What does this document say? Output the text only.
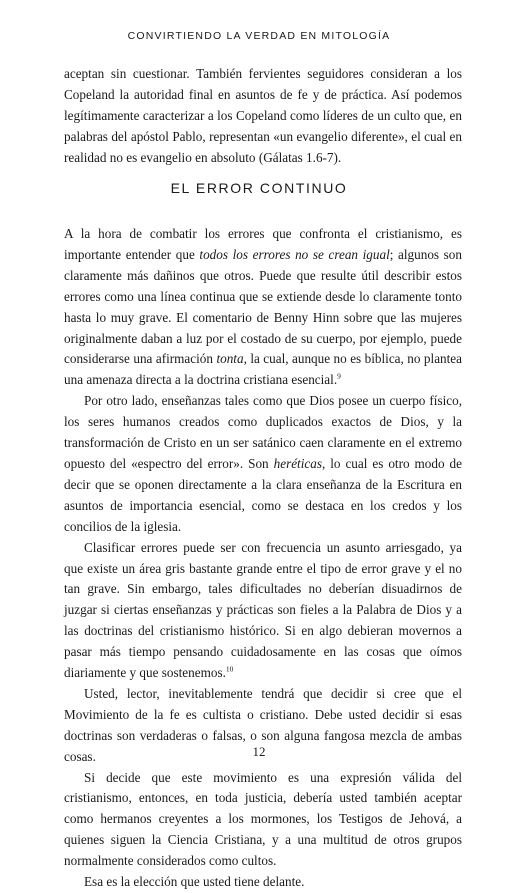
CONVIRTIENDO LA VERDAD EN MITOLOGÍA

aceptan sin cuestionar. También fervientes seguidores consideran a los Copeland la autoridad final en asuntos de fe y de práctica. Así podemos legítimamente caracterizar a los Copeland como líderes de un culto que, en palabras del apóstol Pablo, representan «un evangelio diferente», el cual en realidad no es evangelio en absoluto (Gálatas 1.6-7).

EL ERROR CONTINUO

A la hora de combatir los errores que confronta el cristianismo, es importante entender que todos los errores no se crean igual; algunos son claramente más dañinos que otros. Puede que resulte útil describir estos errores como una línea continua que se extiende desde lo claramente tonto hasta lo muy grave. El comentario de Benny Hinn sobre que las mujeres originalmente daban a luz por el costado de su cuerpo, por ejemplo, puede considerarse una afirmación tonta, la cual, aunque no es bíblica, no plantea una amenaza directa a la doctrina cristiana esencial.$^9$

Por otro lado, enseñanzas tales como que Dios posee un cuerpo físico, los seres humanos creados como duplicados exactos de Dios, y la transformación de Cristo en un ser satánico caen claramente en el extremo opuesto del «espectro del error». Son heréticas, lo cual es otro modo de decir que se oponen directamente a la clara enseñanza de la Escritura en asuntos de importancia esencial, como se destaca en los credos y los concilios de la iglesia.

Clasificar errores puede ser con frecuencia un asunto arriesgado, ya que existe un área gris bastante grande entre el tipo de error grave y el no tan grave. Sin embargo, tales dificultades no deberían disuadirnos de juzgar si ciertas enseñanzas y prácticas son fieles a la Palabra de Dios y a las doctrinas del cristianismo histórico. Si en algo debieran movernos a pasar más tiempo pensando cuidadosamente en las cosas que oímos diariamente y que sostenemos.$^{10}$

Usted, lector, inevitablemente tendrá que decidir si cree que el Movimiento de la fe es cultista o cristiano. Debe usted decidir si esas doctrinas son verdaderas o falsas, o son alguna fangosa mezcla de ambas cosas.

Si decide que este movimiento es una expresión válida del cristianismo, entonces, en toda justicia, debería usted también aceptar como hermanos creyentes a los mormones, los Testigos de Jehová, a quienes siguen la Ciencia Cristiana, y a una multitud de otros grupos normalmente considerados como cultos.

Esa es la elección que usted tiene delante.

12
